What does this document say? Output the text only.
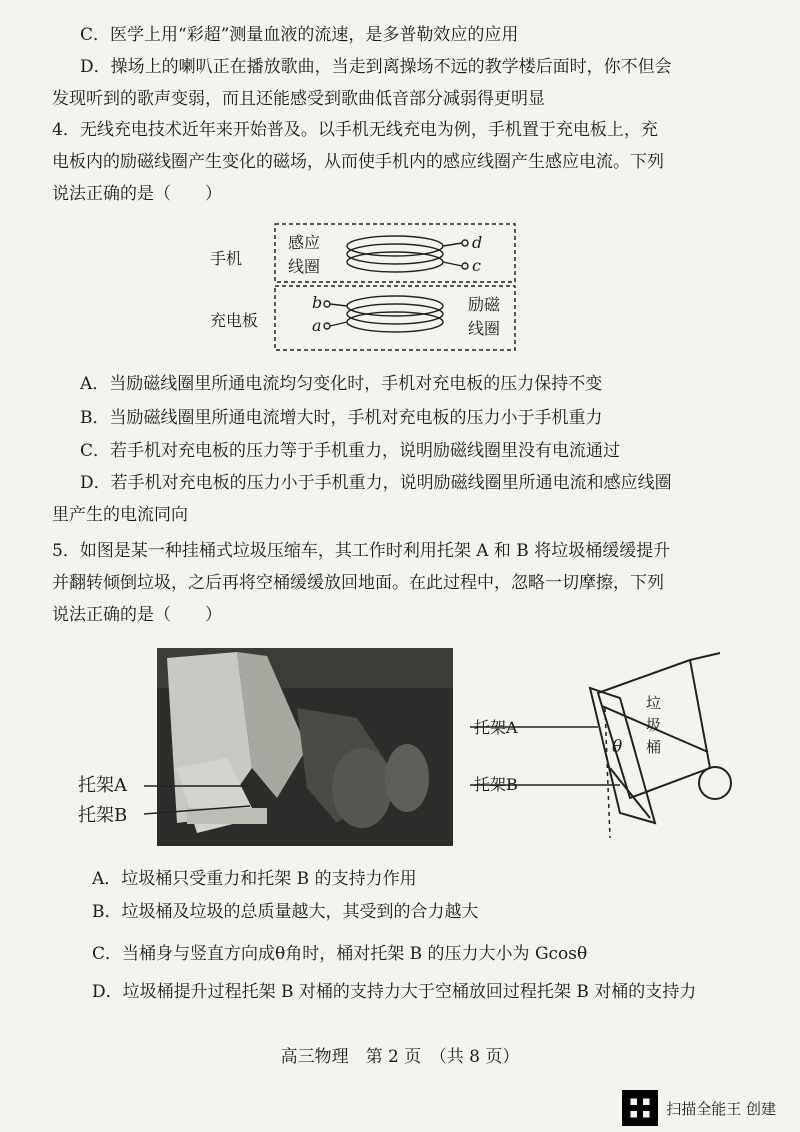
C．医学上用“彩超”测量血液的流速，是多普勒效应的应用
D．操场上的喇叭正在播放歌曲，当走到离操场不远的教学楼后面时，你不但会
发现听到的歌声变弱，而且还能感受到歌曲低音部分减弱得更明显
4．无线充电技术近年来开始普及。以手机无线充电为例，手机置于充电板上，充
电板内的励磁线圈产生变化的磁场，从而使手机内的感应线圈产生感应电流。下列
说法正确的是（　　）
手机
充电板
感应
线圈
励磁
线圈
d
c
b
a
A．当励磁线圈里所通电流均匀变化时，手机对充电板的压力保持不变
B．当励磁线圈里所通电流增大时，手机对充电板的压力小于手机重力
C．若手机对充电板的压力等于手机重力，说明励磁线圈里没有电流通过
D．若手机对充电板的压力小于手机重力，说明励磁线圈里所通电流和感应线圈
里产生的电流同向
5．如图是某一种挂桶式垃圾压缩车，其工作时利用托架 A 和 B 将垃圾桶缓缓提升
并翻转倾倒垃圾，之后再将空桶缓缓放回地面。在此过程中，忽略一切摩擦，下列
说法正确的是（　　）
托架A
托架B
垃
圾
桶
θ
托架A
托架B
A．垃圾桶只受重力和托架 B 的支持力作用
B．垃圾桶及垃圾的总质量越大，其受到的合力越大
C．当桶身与竖直方向成θ角时，桶对托架 B 的压力大小为 Gcosθ
D．垃圾桶提升过程托架 B 对桶的支持力大于空桶放回过程托架 B 对桶的支持力
高三物理　第 2 页　（共 8 页）
扫描全能王 创建
